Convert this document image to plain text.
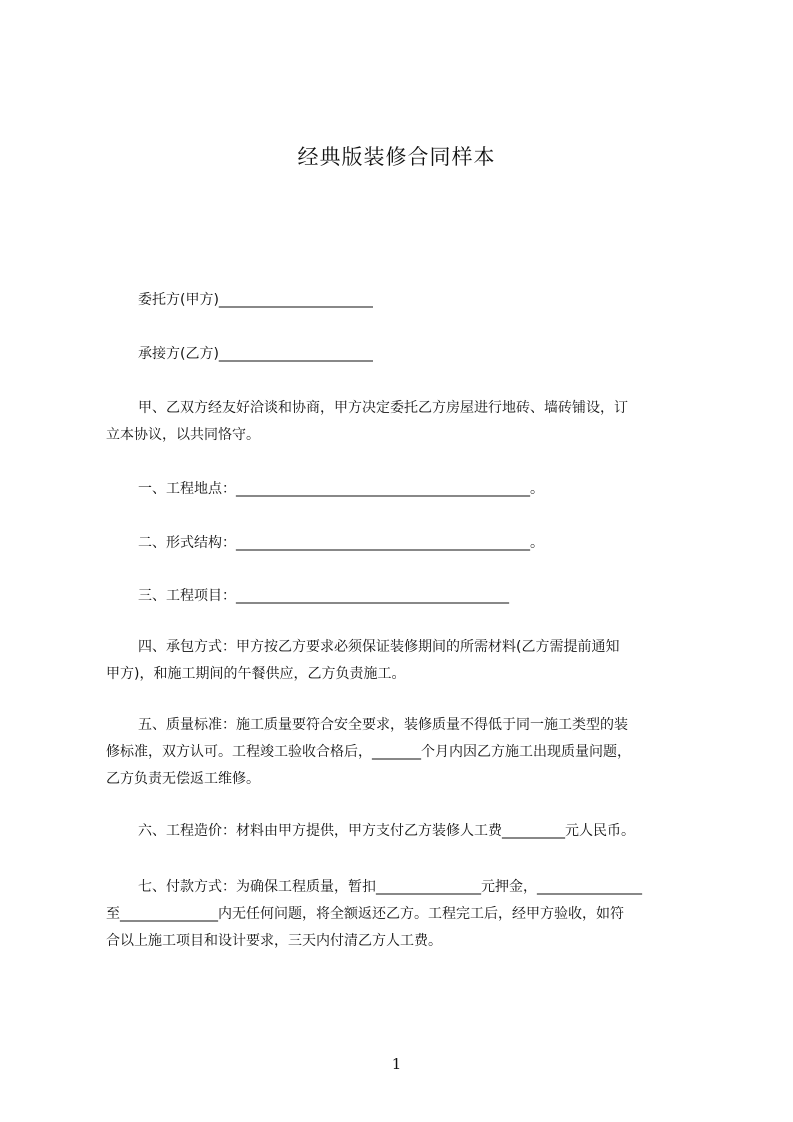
经典版装修合同样本
委托方(甲方)______________________
承接方(乙方)______________________
甲、乙双方经友好洽谈和协商，甲方决定委托乙方房屋进行地砖、墙砖铺设，订
立本协议，以共同恪守。
一、工程地点：__________________________________________。
二、形式结构：__________________________________________。
三、工程项目：_______________________________________
四、承包方式：甲方按乙方要求必须保证装修期间的所需材料(乙方需提前通知
甲方)，和施工期间的午餐供应，乙方负责施工。
五、质量标准：施工质量要符合安全要求，装修质量不得低于同一施工类型的装
修标准，双方认可。工程竣工验收合格后，_______个月内因乙方施工出现质量问题，
乙方负责无偿返工维修。
六、工程造价：材料由甲方提供，甲方支付乙方装修人工费_________元人民币。
七、付款方式：为确保工程质量，暂扣_______________元押金，_______________
至______________内无任何问题，将全额返还乙方。工程完工后，经甲方验收，如符
合以上施工项目和设计要求，三天内付清乙方人工费。
1
